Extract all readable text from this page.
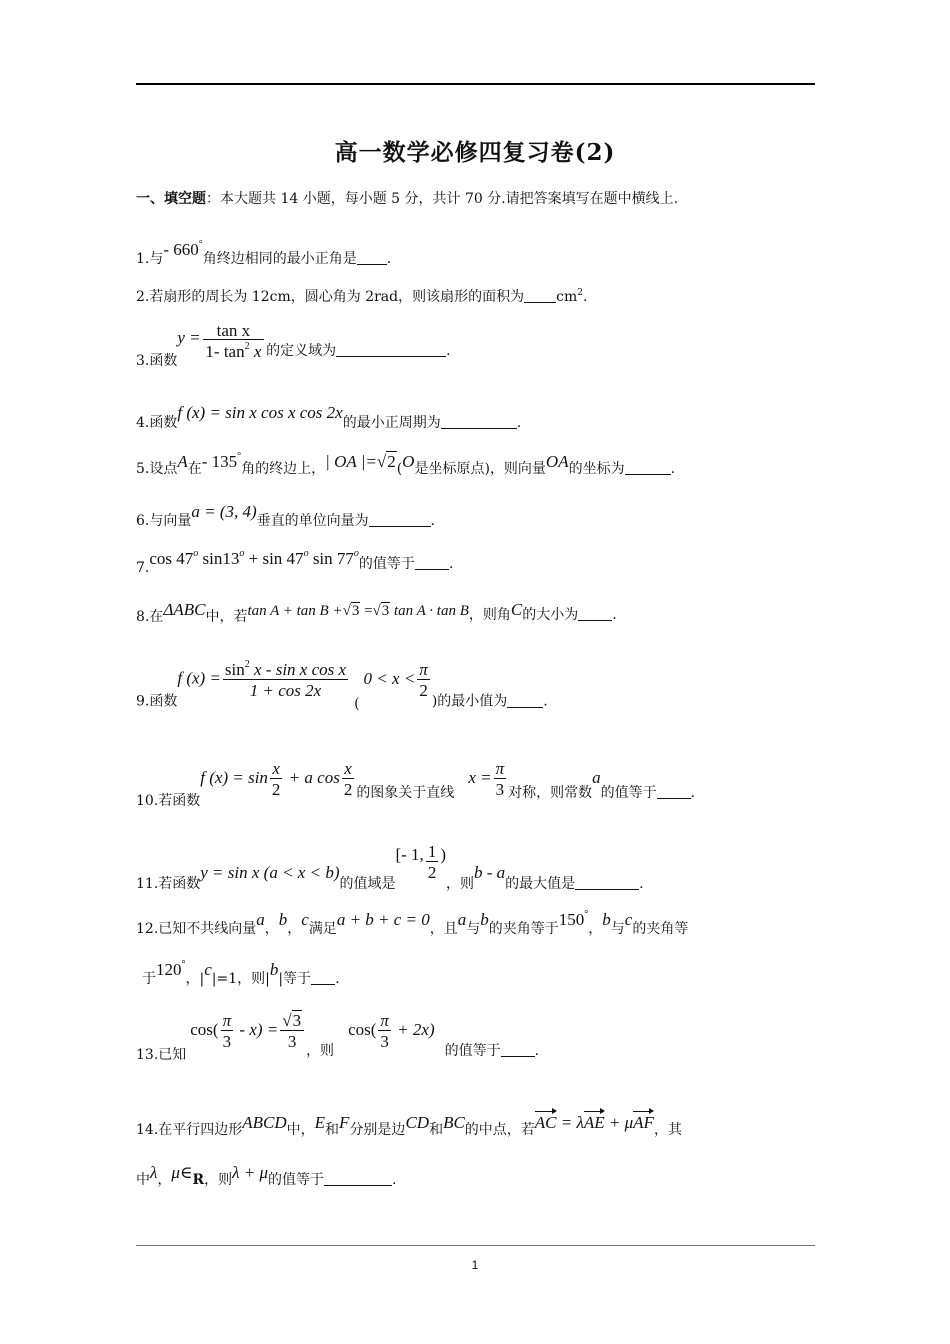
高一数学必修四复习卷(2)
一、填空题：本大题共 14 小题，每小题 5 分，共计 70 分.请把答案填写在题中横线上.
1.与- 660°角终边相同的最小正角是 .
2.若扇形的周长为 12cm，圆心角为 2rad，则该扇形的面积为 $cm^2$.
3.函数$y = \frac{\text{tan x}}{1- \tan^2 x}$ 的定义域为	.
4.函数f (x) = sin x cos x cos 2x的最小正周期为	.
5.设点A在- 135°角的终边上，| OA |=√2(O是坐标原点)，则向量OA的坐标为	.
6.与向量a = (3, 4)垂直的单位向量为	.
7.cos 47$^o$ $\sin 13^o + \sin 47^o$ sin 77$^o$的值等于 .
8.在ΔABC中，若tan A + tan B +√3 =√3 tan A · tan B，则角C的大小为 .
9.函数f $(x) = \frac{\sin^2 x - \sin x \cos x}{1 + \cos 2x}$
($0 < x < \frac{\pi}{2}$
)的最小值为	.
10.若函数f $(x) = \sin \frac{x}{2} + a$ $\cos \frac{x}{2}$ 的图象关于直线$x = \frac{\pi}{3}$ 对称，则常数a的值等于 .
11.若函数y = sin x (a < x < b)的值域是[- 1, $\frac{1}{2}$ )，则b - a的最大值是	.
12.已知不共线向量a，b，c满足a + b + c = 0，且a与b的夹角等于150°，b与c的夹角等
于120°，|c|=1，则|b|等于 .
13.已知$\cos( \frac{\pi}{3} - x) = \frac{√3}{3}$
，则$\cos( \frac{\pi}{3} + 2x)$的值等于 .
14.在平行四边形ABCD中，E和F分别是边CD和BC的中点，若AC = λAE + μAF，其
中λ，μ∈R，则λ + μ的值等于	.
1
